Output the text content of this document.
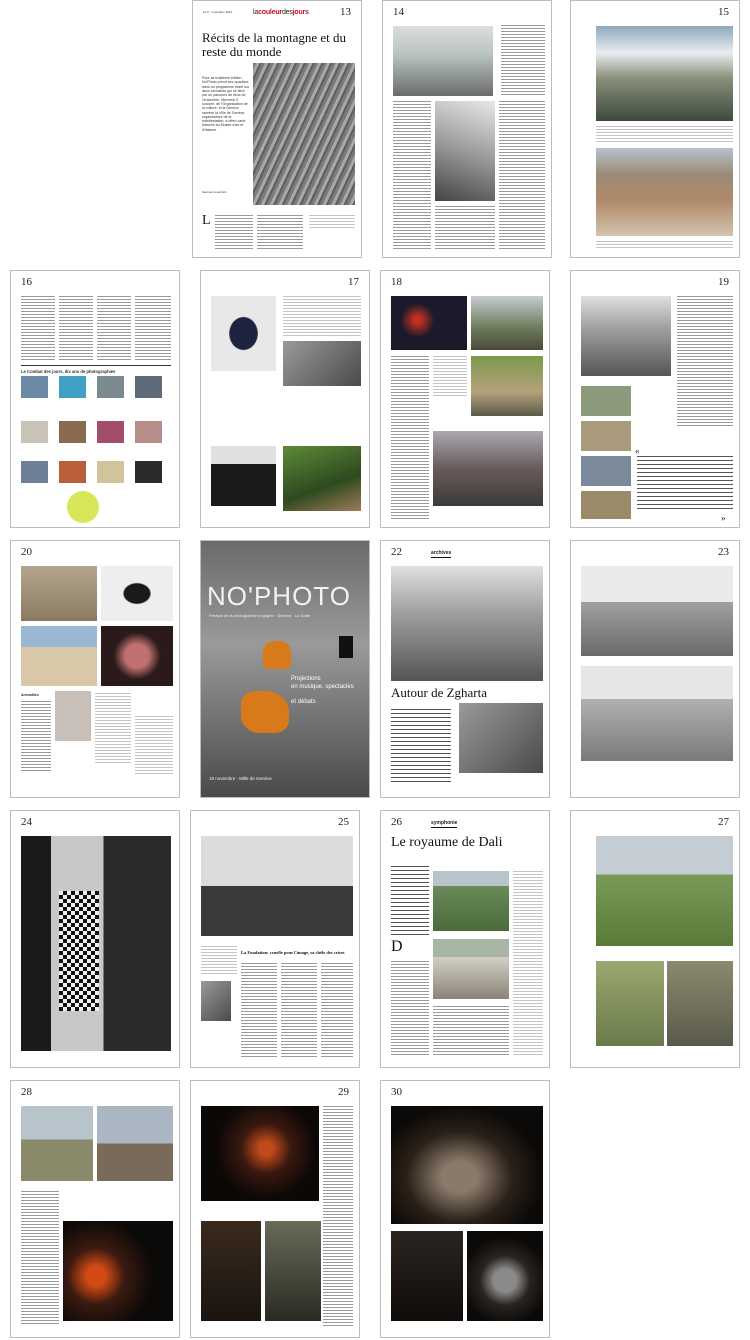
lacouleurdesjours
Le 8 · novembre 2011	13
Récits de la montagne et du reste du monde
Pour sa troisième édition, No'Photo prend ses quartiers dans un programme étalé sur deux semaines qui se tient par un parcours de lieux de l'ensemble. Mercredi 9 octobre, de l'Organisation de la culture, et la Genève ramène la Ville de Genève, organisatrice de la manifestation, a offert carte blanche au Musée d'art et d'histoire.
Samuel Lovenford
L
14	15
16
Le Combat des jours, dix ans de photographies
17	18	19
«
»
20
Animalités
NO'PHOTO
Festival de la photographie engagée · Genève · La Gaîté
Projections
en musique, spectacles
et débats
19 novembre · Mille de Genève
22	archives
Autour de Zgharta
23
24	25
La Fondation: cruelle pour l'image, sa chèle des crises
26	symphonie
Le royaume de Dali
D
27
28	29	30
